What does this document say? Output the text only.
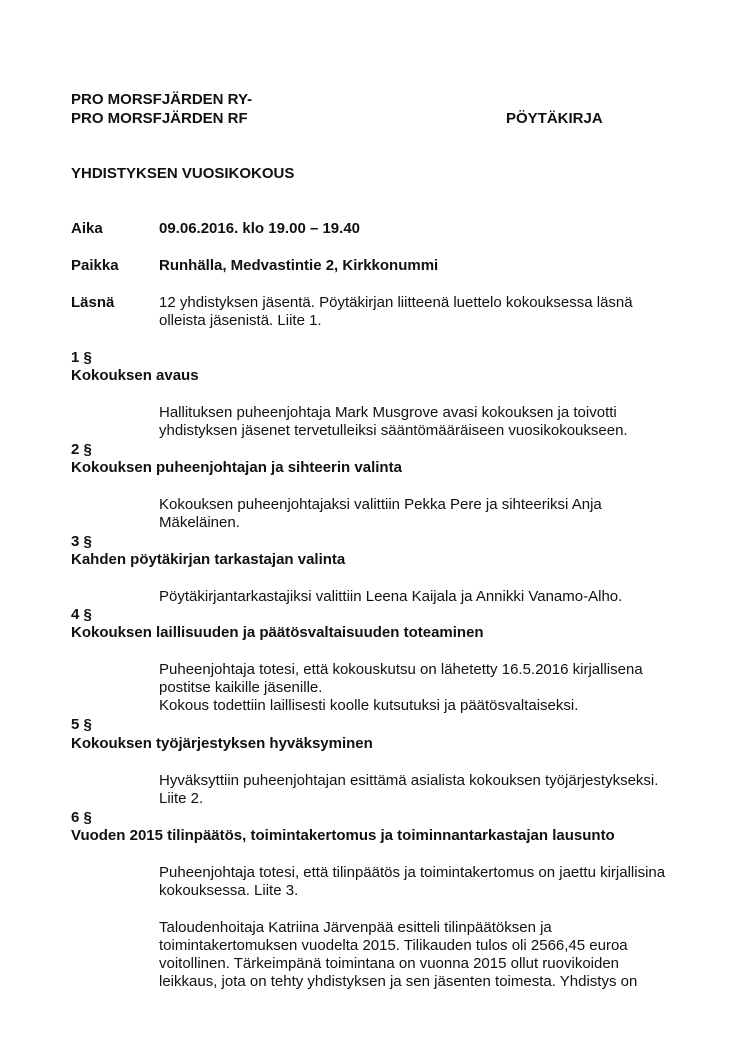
PRO MORSFJÄRDEN RY-
PRO MORSFJÄRDEN RF	PÖYTÄKIRJA
YHDISTYKSEN VUOSIKOKOUS
Aika	09.06.2016. klo 19.00 – 19.40
Paikka	Runhälla, Medvastintie 2, Kirkkonummi
Läsnä	12 yhdistyksen jäsentä. Pöytäkirjan liitteenä luettelo kokouksessa läsnä
olleista jäsenistä. Liite 1.
1 §
Kokouksen avaus
Hallituksen puheenjohtaja Mark Musgrove avasi kokouksen ja toivotti
yhdistyksen jäsenet tervetulleiksi sääntömääräiseen vuosikokoukseen.
2 §
Kokouksen puheenjohtajan ja sihteerin valinta
Kokouksen puheenjohtajaksi valittiin Pekka Pere ja sihteeriksi Anja
Mäkeläinen.
3 §
Kahden pöytäkirjan tarkastajan valinta
Pöytäkirjantarkastajiksi valittiin Leena Kaijala ja Annikki Vanamo-Alho.
4 §
Kokouksen laillisuuden ja päätösvaltaisuuden toteaminen
Puheenjohtaja totesi, että kokouskutsu on lähetetty 16.5.2016 kirjallisena
postitse kaikille jäsenille.
Kokous todettiin laillisesti koolle kutsutuksi ja päätösvaltaiseksi.
5 §
Kokouksen työjärjestyksen hyväksyminen
Hyväksyttiin puheenjohtajan esittämä asialista kokouksen työjärjestykseksi.
Liite 2.
6 §
Vuoden 2015 tilinpäätös, toimintakertomus ja toiminnantarkastajan lausunto
Puheenjohtaja totesi, että tilinpäätös ja toimintakertomus on jaettu kirjallisina
kokouksessa. Liite 3.
Taloudenhoitaja Katriina Järvenpää esitteli tilinpäätöksen ja
toimintakertomuksen vuodelta 2015. Tilikauden tulos oli 2566,45 euroa
voitollinen. Tärkeimpänä toimintana on vuonna 2015 ollut ruovikoiden
leikkaus, jota on tehty yhdistyksen ja sen jäsenten toimesta. Yhdistys on
